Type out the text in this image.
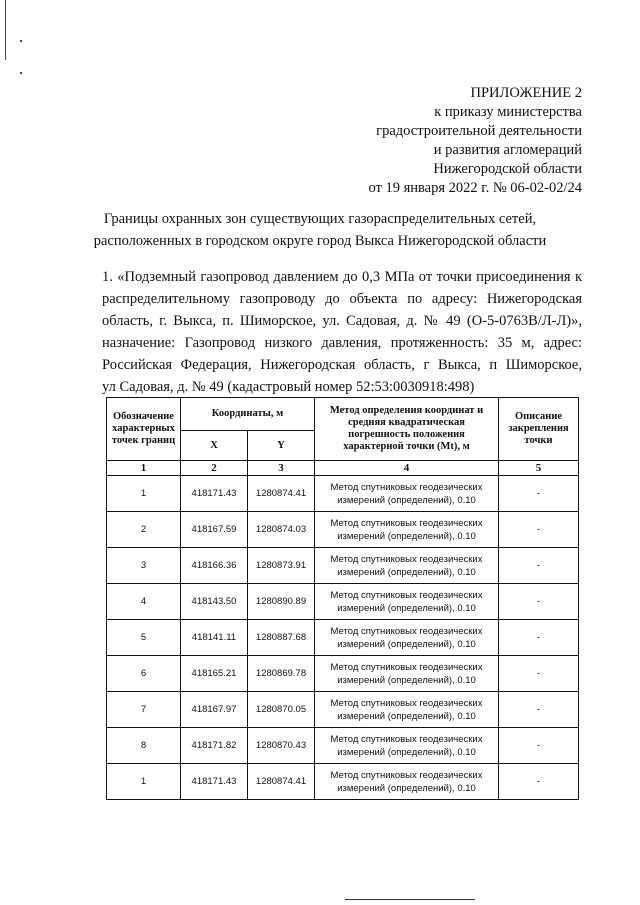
ПРИЛОЖЕНИЕ 2
к приказу министерства
градостроительной деятельности
и развития агломераций
Нижегородской области
от 19 января 2022 г. № 06-02-02/24
Границы охранных зон существующих газораспределительных сетей,
расположенных в городском округе город Выкса Нижегородской области
1. «Подземный газопровод давлением до 0,3 МПа от точки присоединения к
распределительному газопроводу до объекта по адресу: Нижегородская
область, г. Выкса, п. Шиморское, ул. Садовая, д. № 49 (О-5-0763В/Л-Л)»,
назначение: Газопровод низкого давления, протяженность: 35 м, адрес:
Российская Федерация, Нижегородская область, г Выкса, п Шиморское,
ул Садовая, д. № 49 (кадастровый номер 52:53:0030918:498)
Обозначение характерных точек границ	Координаты, м		Метод определения координат и средняя квадратическая погрешность положения характерной точки (Mt), м	Описание закрепления точки
	X	Y		
1	2	3	4	5
1	418171.43	1280874.41	Метод спутниковых геодезических измерений (определений), 0.10	-
2	418167.59	1280874.03	Метод спутниковых геодезических измерений (определений), 0.10	-
3	418166.36	1280873.91	Метод спутниковых геодезических измерений (определений), 0.10	-
4	418143.50	1280890.89	Метод спутниковых геодезических измерений (определений), 0.10	-
5	418141.11	1280887.68	Метод спутниковых геодезических измерений (определений), 0.10	-
6	418165.21	1280869.78	Метод спутниковых геодезических измерений (определений), 0.10	-
7	418167.97	1280870.05	Метод спутниковых геодезических измерений (определений), 0.10	-
8	418171.82	1280870.43	Метод спутниковых геодезических измерений (определений), 0.10	-
1	418171.43	1280874.41	Метод спутниковых геодезических измерений (определений), 0.10	-
